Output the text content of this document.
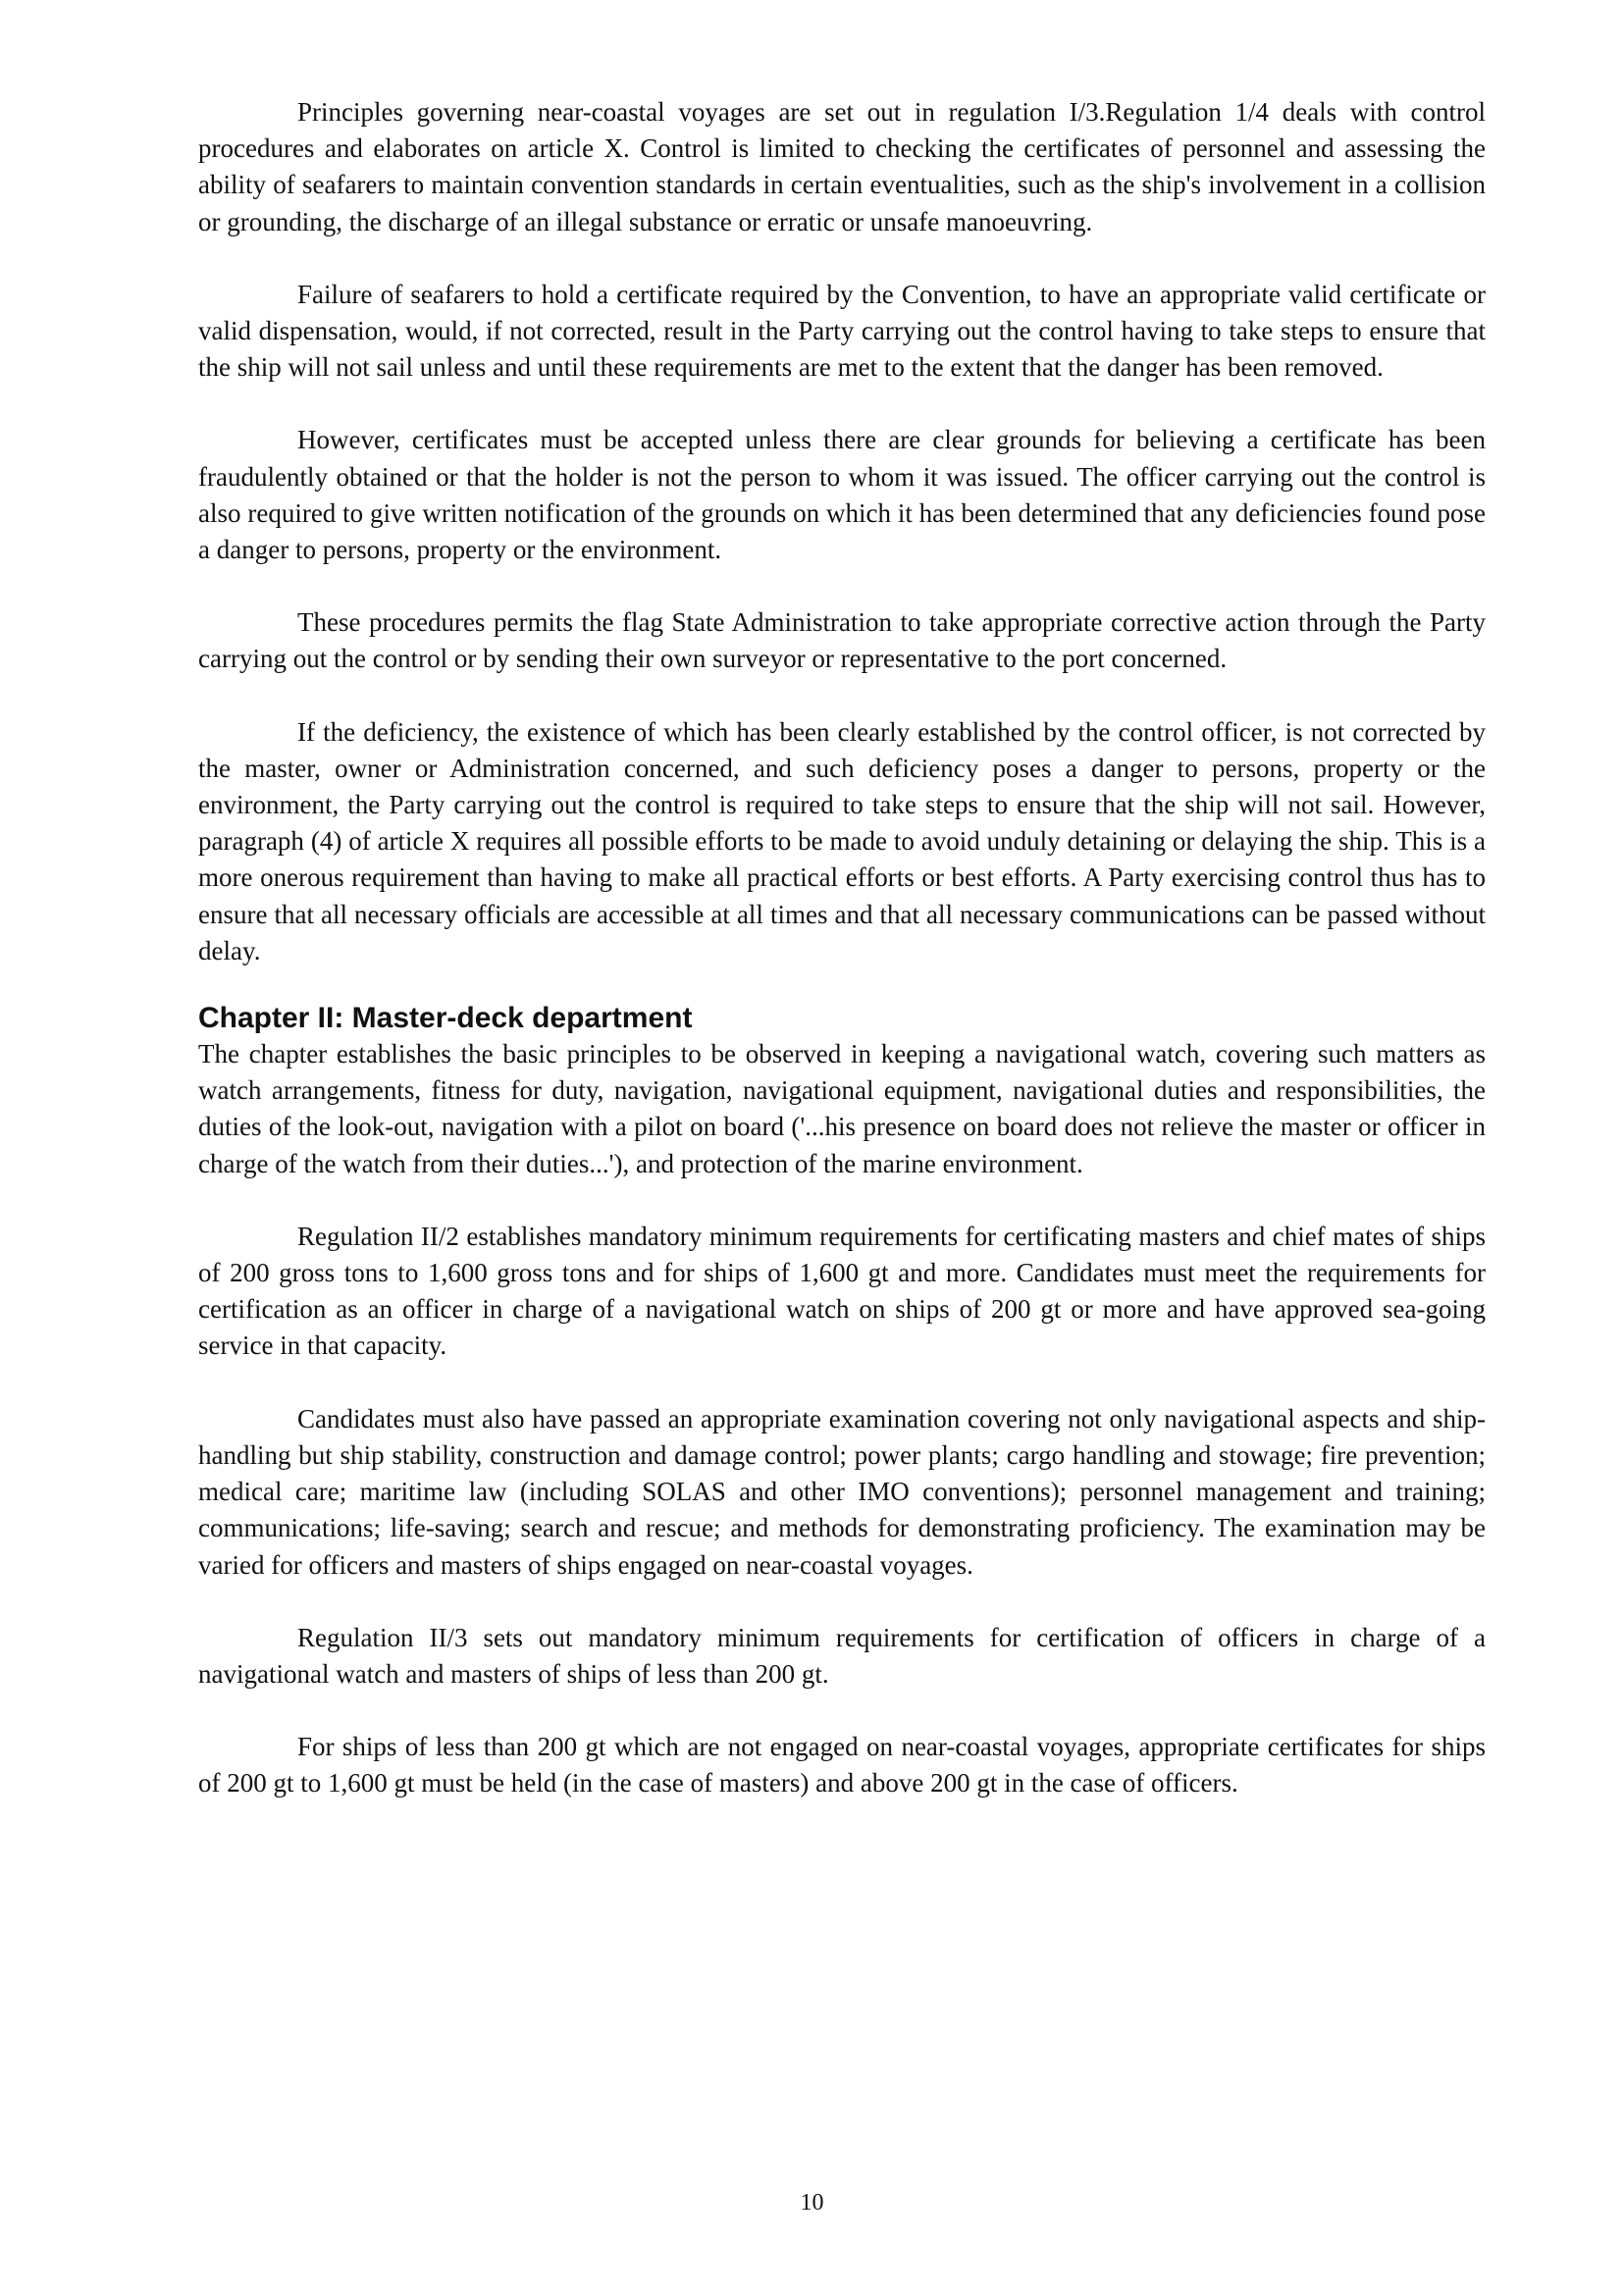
Principles governing near-coastal voyages are set out in regulation I/3.Regulation 1/4 deals with control procedures and elaborates on article X. Control is limited to checking the certificates of personnel and assessing the ability of seafarers to maintain convention standards in certain eventualities, such as the ship's involvement in a collision or grounding, the discharge of an illegal substance or erratic or unsafe manoeuvring.

Failure of seafarers to hold a certificate required by the Convention, to have an appropriate valid certificate or valid dispensation, would, if not corrected, result in the Party carrying out the control having to take steps to ensure that the ship will not sail unless and until these requirements are met to the extent that the danger has been removed.

However, certificates must be accepted unless there are clear grounds for believing a certificate has been fraudulently obtained or that the holder is not the person to whom it was issued. The officer carrying out the control is also required to give written notification of the grounds on which it has been determined that any deficiencies found pose a danger to persons, property or the environment.

These procedures permits the flag State Administration to take appropriate corrective action through the Party carrying out the control or by sending their own surveyor or representative to the port concerned.

If the deficiency, the existence of which has been clearly established by the control officer, is not corrected by the master, owner or Administration concerned, and such deficiency poses a danger to persons, property or the environment, the Party carrying out the control is required to take steps to ensure that the ship will not sail. However, paragraph (4) of article X requires all possible efforts to be made to avoid unduly detaining or delaying the ship. This is a more onerous requirement than having to make all practical efforts or best efforts. A Party exercising control thus has to ensure that all necessary officials are accessible at all times and that all necessary communications can be passed without delay.

Chapter II: Master-deck department

The chapter establishes the basic principles to be observed in keeping a navigational watch, covering such matters as watch arrangements, fitness for duty, navigation, navigational equipment, navigational duties and responsibilities, the duties of the look-out, navigation with a pilot on board ('...his presence on board does not relieve the master or officer in charge of the watch from their duties...'), and protection of the marine environment.

Regulation II/2 establishes mandatory minimum requirements for certificating masters and chief mates of ships of 200 gross tons to 1,600 gross tons and for ships of 1,600 gt and more. Candidates must meet the requirements for certification as an officer in charge of a navigational watch on ships of 200 gt or more and have approved sea-going service in that capacity.

Candidates must also have passed an appropriate examination covering not only navigational aspects and ship-handling but ship stability, construction and damage control; power plants; cargo handling and stowage; fire prevention; medical care; maritime law (including SOLAS and other IMO conventions); personnel management and training; communications; life-saving; search and rescue; and methods for demonstrating proficiency. The examination may be varied for officers and masters of ships engaged on near-coastal voyages.

Regulation II/3 sets out mandatory minimum requirements for certification of officers in charge of a navigational watch and masters of ships of less than 200 gt.

For ships of less than 200 gt which are not engaged on near-coastal voyages, appropriate certificates for ships of 200 gt to 1,600 gt must be held (in the case of masters) and above 200 gt in the case of officers.

10
